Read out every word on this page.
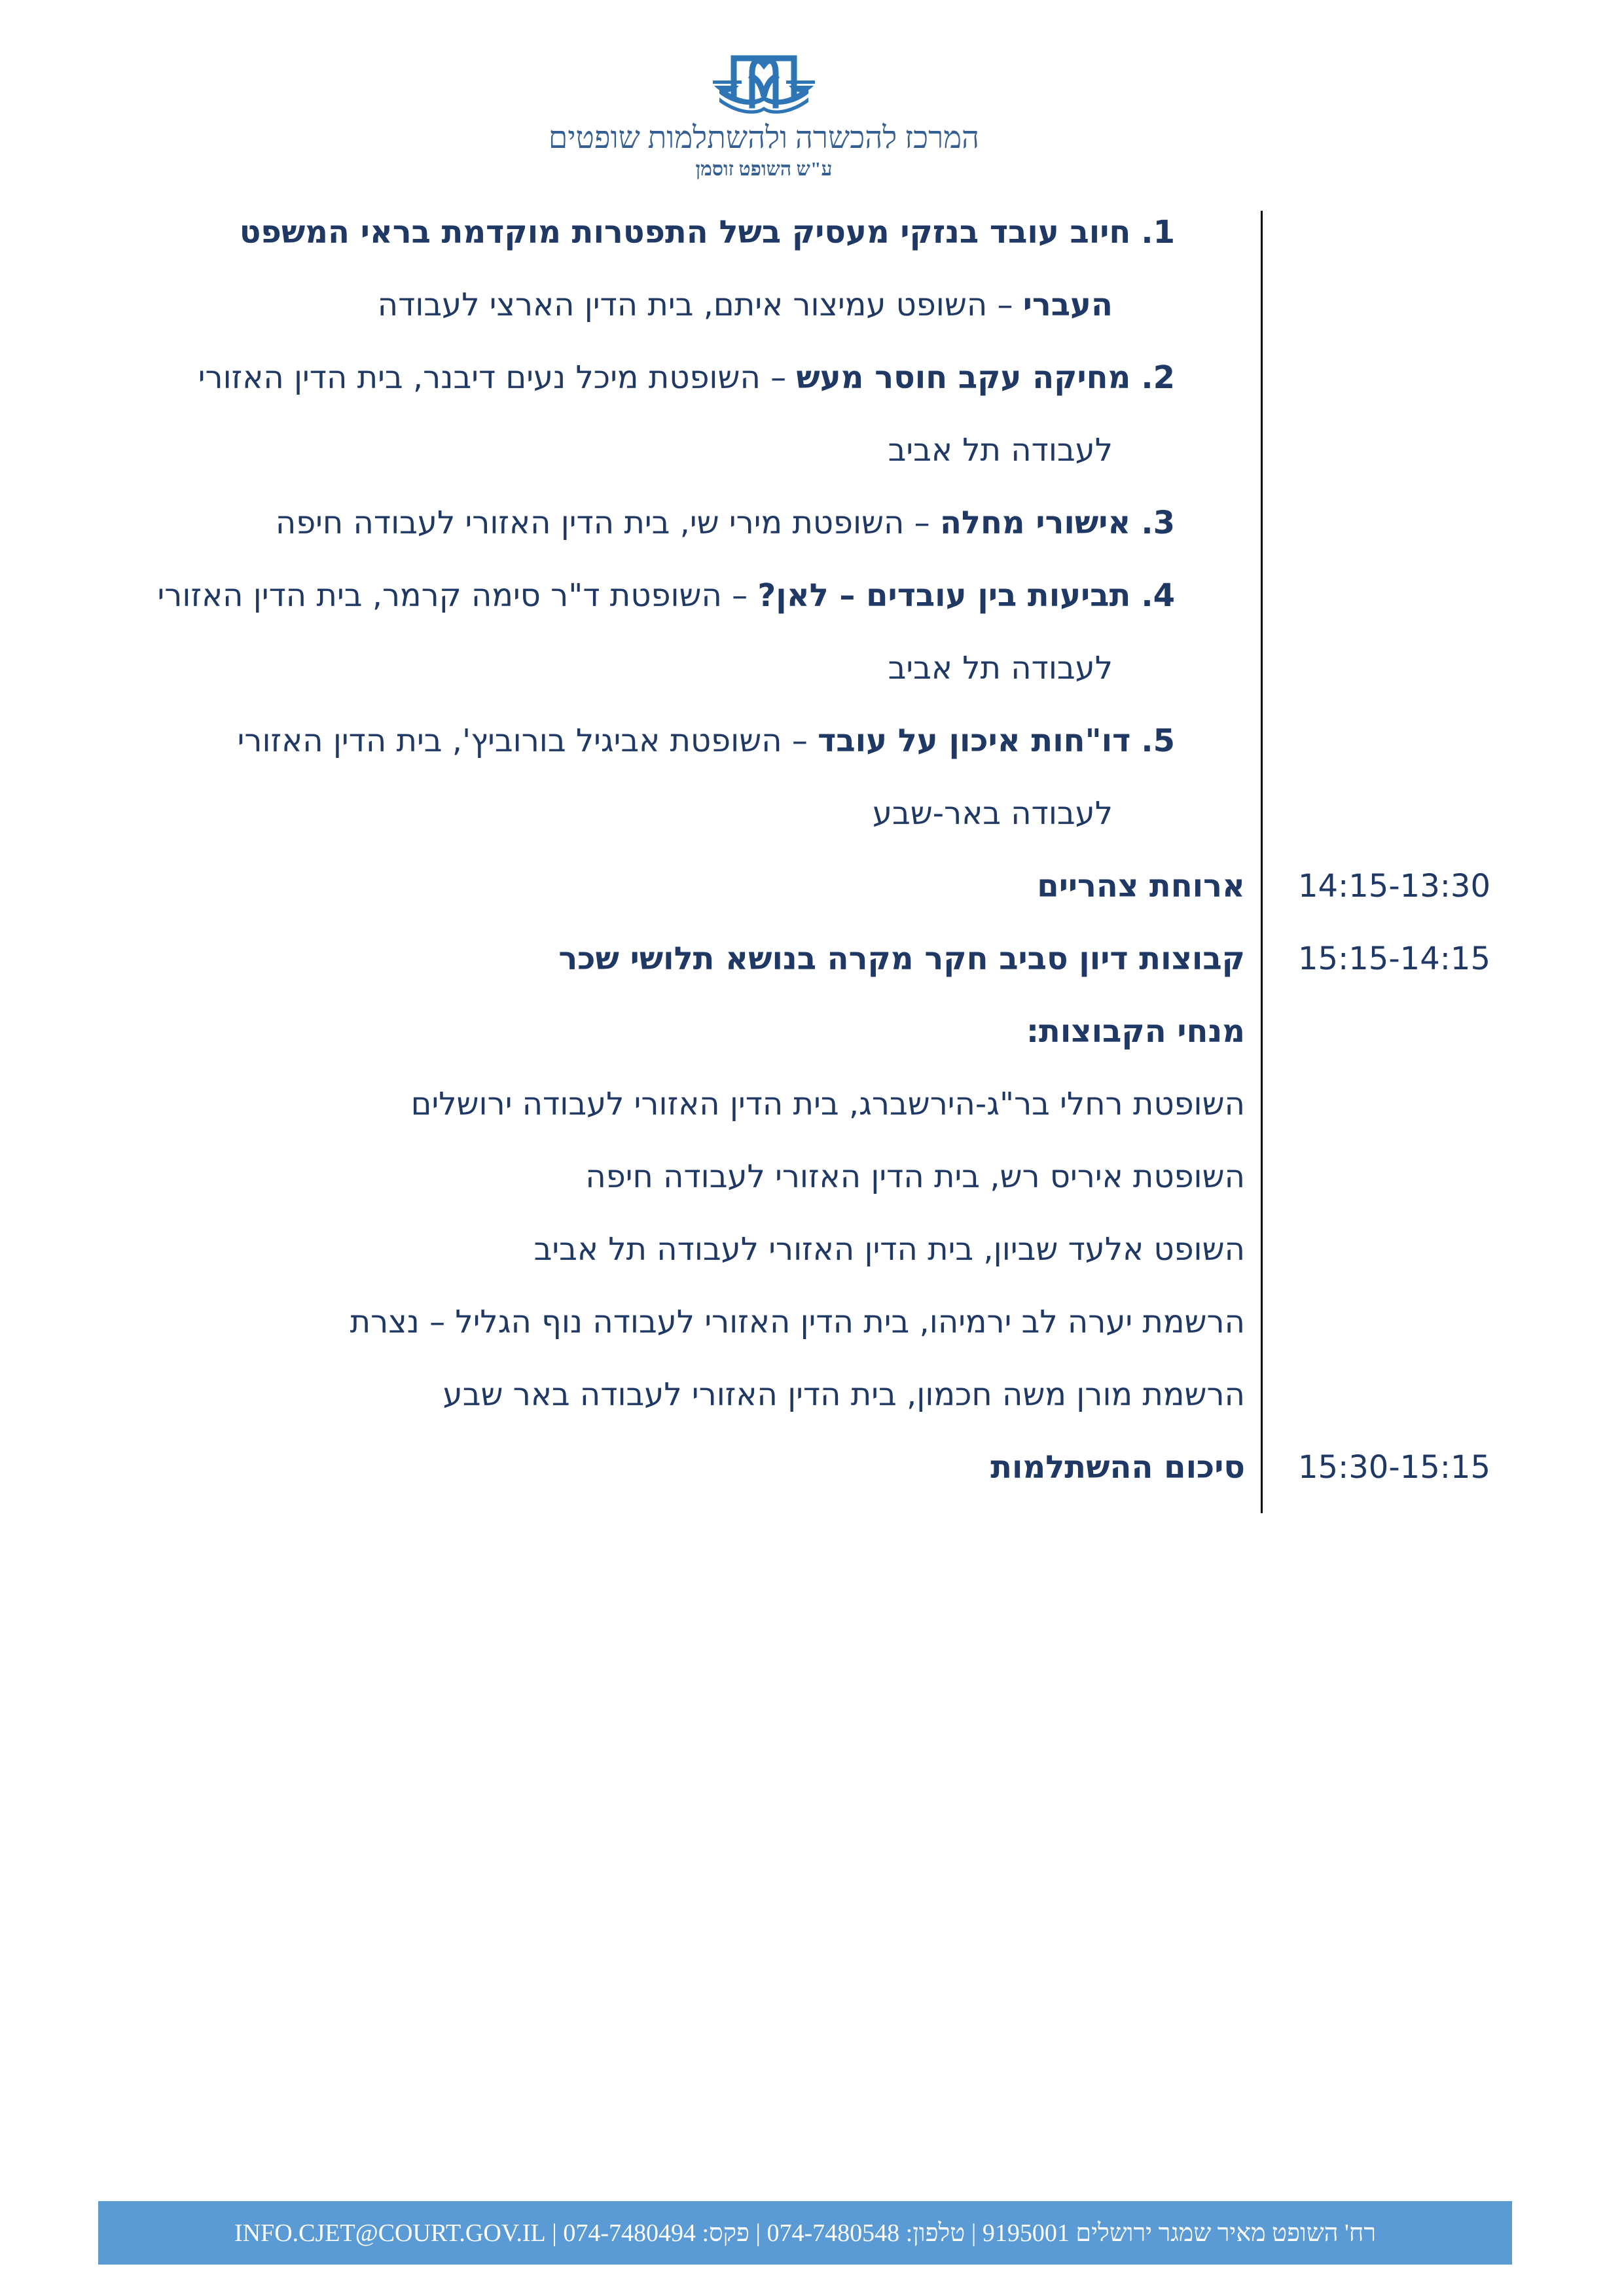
המרכז להכשרה ולהשתלמות שופטים
ע"ש השופט זוסמן
14:15-13:30
15:15-14:15
15:30-15:15
1.חיוב עובד בנזקי מעסיק בשל התפטרות מוקדמת בראי המשפט
העברי – השופט עמיצור איתם, בית הדין הארצי לעבודה
2.מחיקה עקב חוסר מעש – השופטת מיכל נעים דיבנר, בית הדין האזורי
לעבודה תל אביב
3.אישורי מחלה – השופטת מירי שי, בית הדין האזורי לעבודה חיפה
4.תביעות בין עובדים – לאן? – השופטת ד"ר סימה קרמר, בית הדין האזורי
לעבודה תל אביב
5.דו"חות איכון על עובד – השופטת אביגיל בורוביץ', בית הדין האזורי
לעבודה באר-שבע
ארוחת צהריים
קבוצות דיון סביב חקר מקרה בנושא תלושי שכר
מנחי הקבוצות:
השופטת רחלי בר"ג-הירשברג, בית הדין האזורי לעבודה ירושלים
השופטת איריס רש, בית הדין האזורי לעבודה חיפה
השופט אלעד שביון, בית הדין האזורי לעבודה תל אביב
הרשמת יערה לב ירמיהו, בית הדין האזורי לעבודה נוף הגליל – נצרת
הרשמת מורן משה חכמון, בית הדין האזורי לעבודה באר שבע
סיכום ההשתלמות
רח' השופט מאיר שמגר ירושלים 9195001 | טלפון: 074-7480548 | פקס: 074-7480494 | INFO.CJET@COURT.GOV.IL
